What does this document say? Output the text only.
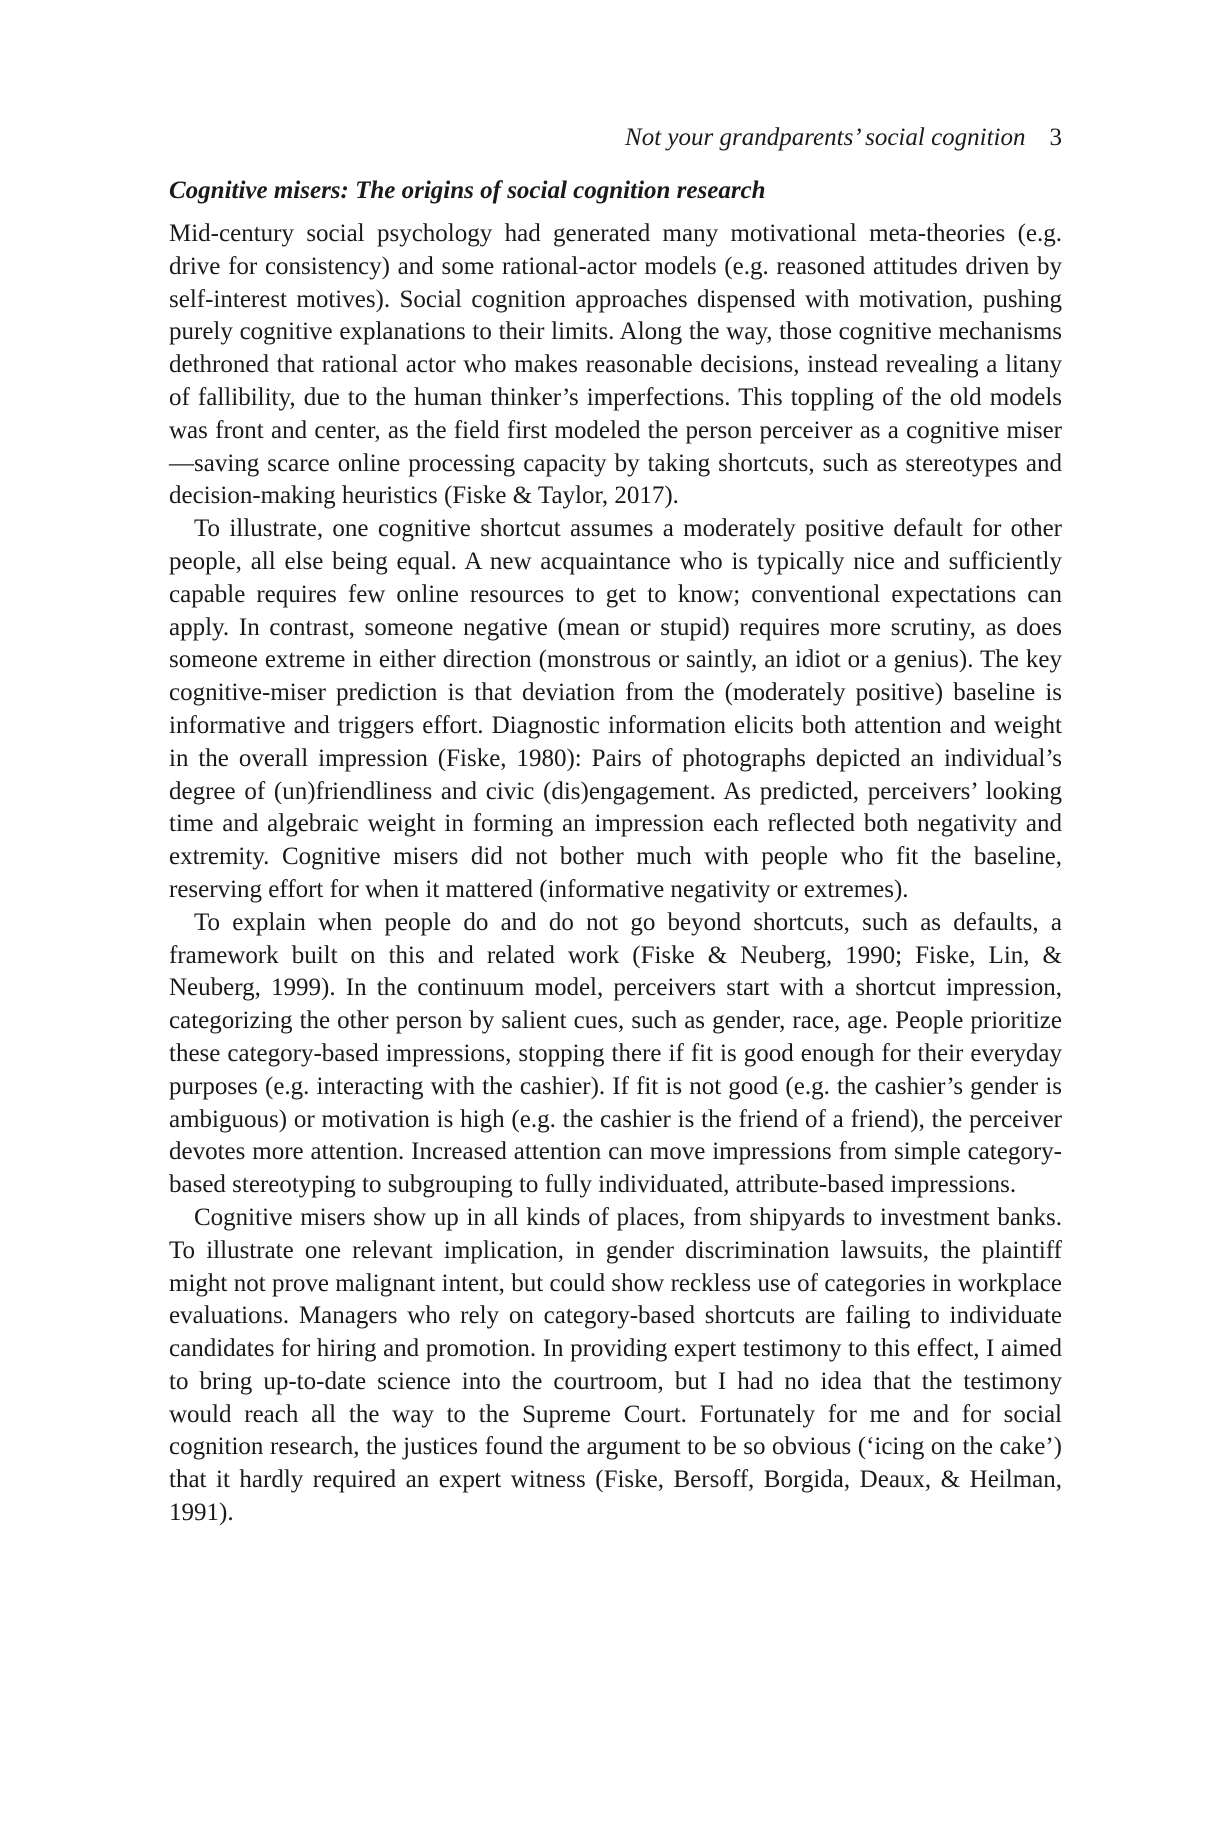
Not your grandparents’ social cognition 3
Cognitive misers: The origins of social cognition research

Mid-century social psychology had generated many motivational meta-theories (e.g. drive for consistency) and some rational-actor models (e.g. reasoned attitudes driven by self-interest motives). Social cognition approaches dispensed with motivation, pushing purely cognitive explanations to their limits. Along the way, those cognitive mechanisms dethroned that rational actor who makes reasonable decisions, instead revealing a litany of fallibility, due to the human thinker’s imperfections. This toppling of the old models was front and center, as the field first modeled the person perceiver as a cognitive miser—saving scarce online processing capacity by taking shortcuts, such as stereotypes and decision-making heuristics (Fiske & Taylor, 2017).

To illustrate, one cognitive shortcut assumes a moderately positive default for other people, all else being equal. A new acquaintance who is typically nice and sufficiently capable requires few online resources to get to know; conventional expectations can apply. In contrast, someone negative (mean or stupid) requires more scrutiny, as does someone extreme in either direction (monstrous or saintly, an idiot or a genius). The key cognitive-miser prediction is that deviation from the (moderately positive) baseline is informative and triggers effort. Diagnostic information elicits both attention and weight in the overall impression (Fiske, 1980): Pairs of photographs depicted an individual’s degree of (un)friendliness and civic (dis)engagement. As predicted, perceivers’ looking time and algebraic weight in forming an impression each reflected both negativity and extremity. Cognitive misers did not bother much with people who fit the baseline, reserving effort for when it mattered (informative negativity or extremes).

To explain when people do and do not go beyond shortcuts, such as defaults, a framework built on this and related work (Fiske & Neuberg, 1990; Fiske, Lin, & Neuberg, 1999). In the continuum model, perceivers start with a shortcut impression, categorizing the other person by salient cues, such as gender, race, age. People prioritize these category-based impressions, stopping there if fit is good enough for their everyday purposes (e.g. interacting with the cashier). If fit is not good (e.g. the cashier’s gender is ambiguous) or motivation is high (e.g. the cashier is the friend of a friend), the perceiver devotes more attention. Increased attention can move impressions from simple category-based stereotyping to subgrouping to fully individuated, attribute-based impressions.

Cognitive misers show up in all kinds of places, from shipyards to investment banks. To illustrate one relevant implication, in gender discrimination lawsuits, the plaintiff might not prove malignant intent, but could show reckless use of categories in workplace evaluations. Managers who rely on category-based shortcuts are failing to individuate candidates for hiring and promotion. In providing expert testimony to this effect, I aimed to bring up-to-date science into the courtroom, but I had no idea that the testimony would reach all the way to the Supreme Court. Fortunately for me and for social cognition research, the justices found the argument to be so obvious (‘icing on the cake’) that it hardly required an expert witness (Fiske, Bersoff, Borgida, Deaux, & Heilman, 1991).
